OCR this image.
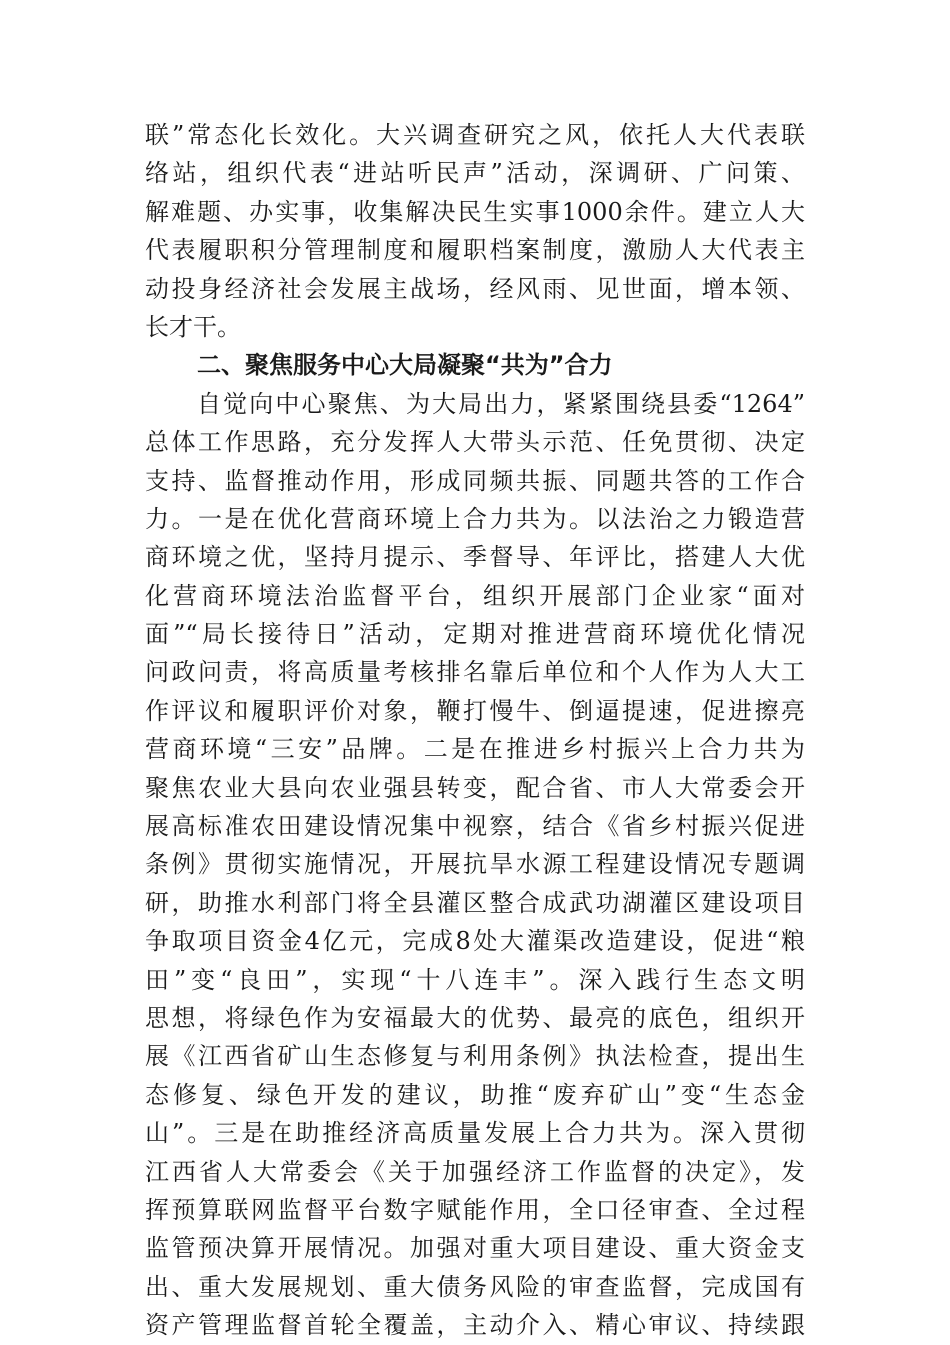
联”常态化长效化。大兴调查研究之风，依托人大代表联
络站，组织代表“进站听民声”活动，深调研、广问策、
解难题、办实事，收集解决民生实事1000余件。建立人大
代表履职积分管理制度和履职档案制度，激励人大代表主
动投身经济社会发展主战场，经风雨、见世面，增本领、
长才干。
二、聚焦服务中心大局凝聚“共为”合力
自觉向中心聚焦、为大局出力，紧紧围绕县委“1264”
总体工作思路，充分发挥人大带头示范、任免贯彻、决定
支持、监督推动作用，形成同频共振、同题共答的工作合
力。一是在优化营商环境上合力共为。以法治之力锻造营
商环境之优，坚持月提示、季督导、年评比，搭建人大优
化营商环境法治监督平台，组织开展部门企业家“面对
面”“局长接待日”活动，定期对推进营商环境优化情况
问政问责，将高质量考核排名靠后单位和个人作为人大工
作评议和履职评价对象，鞭打慢牛、倒逼提速，促进擦亮
营商环境“三安”品牌。二是在推进乡村振兴上合力共为
聚焦农业大县向农业强县转变，配合省、市人大常委会开
展高标准农田建设情况集中视察，结合《省乡村振兴促进
条例》贯彻实施情况，开展抗旱水源工程建设情况专题调
研，助推水利部门将全县灌区整合成武功湖灌区建设项目
争取项目资金4亿元，完成8处大灌渠改造建设，促进“粮
田”变“良田”，实现“十八连丰”。深入践行生态文明
思想，将绿色作为安福最大的优势、最亮的底色，组织开
展《江西省矿山生态修复与利用条例》执法检查，提出生
态修复、绿色开发的建议，助推“废弃矿山”变“生态金
山”。三是在助推经济高质量发展上合力共为。深入贯彻
江西省人大常委会《关于加强经济工作监督的决定》，发
挥预算联网监督平台数字赋能作用，全口径审查、全过程
监管预决算开展情况。加强对重大项目建设、重大资金支
出、重大发展规划、重大债务风险的审查监督，完成国有
资产管理监督首轮全覆盖，主动介入、精心审议、持续跟
